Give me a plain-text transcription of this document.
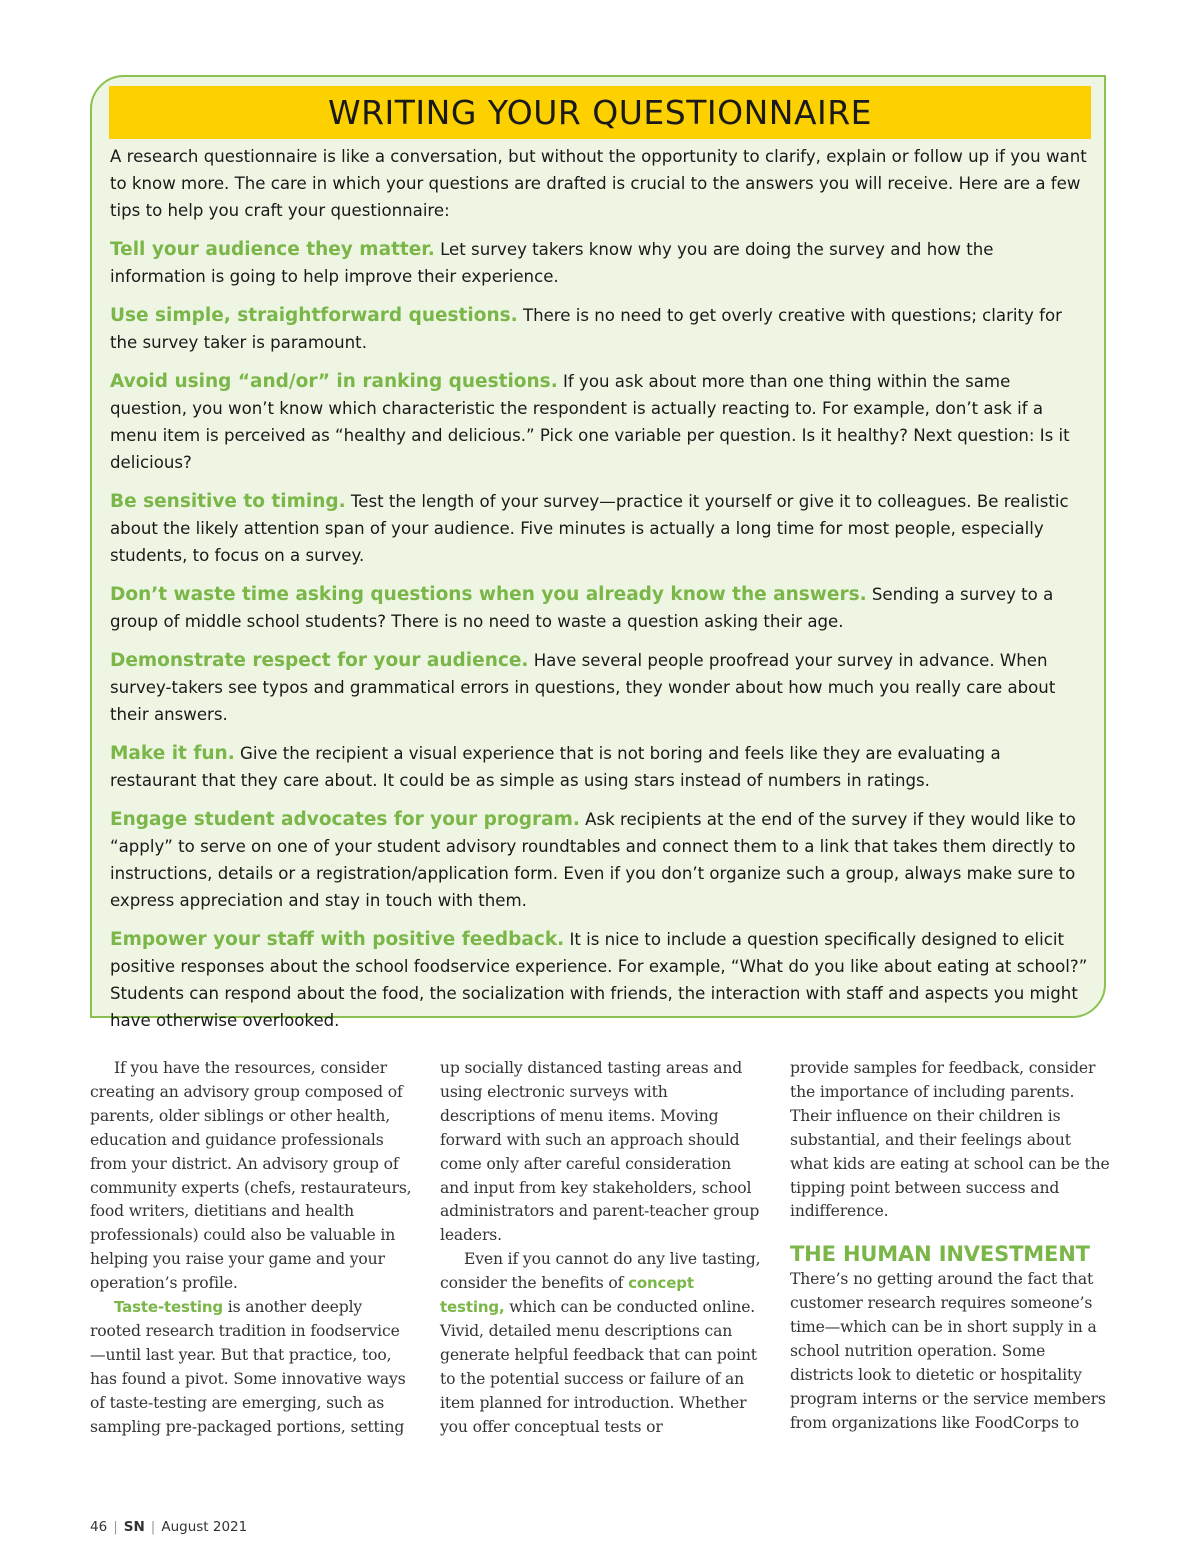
WRITING YOUR QUESTIONNAIRE

A research questionnaire is like a conversation, but without the opportunity to clarify, explain or follow up if you want to know more. The care in which your questions are drafted is crucial to the answers you will receive. Here are a few tips to help you craft your questionnaire:

Tell your audience they matter. Let survey takers know why you are doing the survey and how the information is going to help improve their experience.

Use simple, straightforward questions. There is no need to get overly creative with questions; clarity for the survey taker is paramount.

Avoid using “and/or” in ranking questions. If you ask about more than one thing within the same question, you won’t know which characteristic the respondent is actually reacting to. For example, don’t ask if a menu item is perceived as “healthy and delicious.” Pick one variable per question. Is it healthy? Next question: Is it delicious?

Be sensitive to timing. Test the length of your survey—practice it yourself or give it to colleagues. Be realistic about the likely attention span of your audience. Five minutes is actually a long time for most people, especially students, to focus on a survey.

Don’t waste time asking questions when you already know the answers. Sending a survey to a group of middle school students? There is no need to waste a question asking their age.

Demonstrate respect for your audience. Have several people proofread your survey in advance. When survey-takers see typos and grammatical errors in questions, they wonder about how much you really care about their answers.

Make it fun. Give the recipient a visual experience that is not boring and feels like they are evaluating a restaurant that they care about. It could be as simple as using stars instead of numbers in ratings.

Engage student advocates for your program. Ask recipients at the end of the survey if they would like to “apply” to serve on one of your student advisory roundtables and connect them to a link that takes them directly to instructions, details or a registration/application form. Even if you don’t organize such a group, always make sure to express appreciation and stay in touch with them.

Empower your staff with positive feedback. It is nice to include a question specifically designed to elicit positive responses about the school foodservice experience. For example, “What do you like about eating at school?” Students can respond about the food, the socialization with friends, the interaction with staff and aspects you might have otherwise overlooked.

If you have the resources, consider creating an advisory group composed of parents, older siblings or other health, education and guidance professionals from your district. An advisory group of community experts (chefs, restaurateurs, food writers, dietitians and health professionals) could also be valuable in helping you raise your game and your operation’s profile.

Taste-testing is another deeply rooted research tradition in foodservice—until last year. But that practice, too, has found a pivot. Some innovative ways of taste-testing are emerging, such as sampling pre-packaged portions, setting

up socially distanced tasting areas and using electronic surveys with descriptions of menu items. Moving forward with such an approach should come only after careful consideration and input from key stakeholders, school administrators and parent-teacher group leaders.

Even if you cannot do any live tasting, consider the benefits of concept testing, which can be conducted online. Vivid, detailed menu descriptions can generate helpful feedback that can point to the potential success or failure of an item planned for introduction. Whether you offer conceptual tests or

provide samples for feedback, consider the importance of including parents. Their influence on their children is substantial, and their feelings about what kids are eating at school can be the tipping point between success and indifference.

THE HUMAN INVESTMENT

There’s no getting around the fact that customer research requires someone’s time—which can be in short supply in a school nutrition operation. Some districts look to dietetic or hospitality program interns or the service members from organizations like FoodCorps to

46 | SN | August 2021
